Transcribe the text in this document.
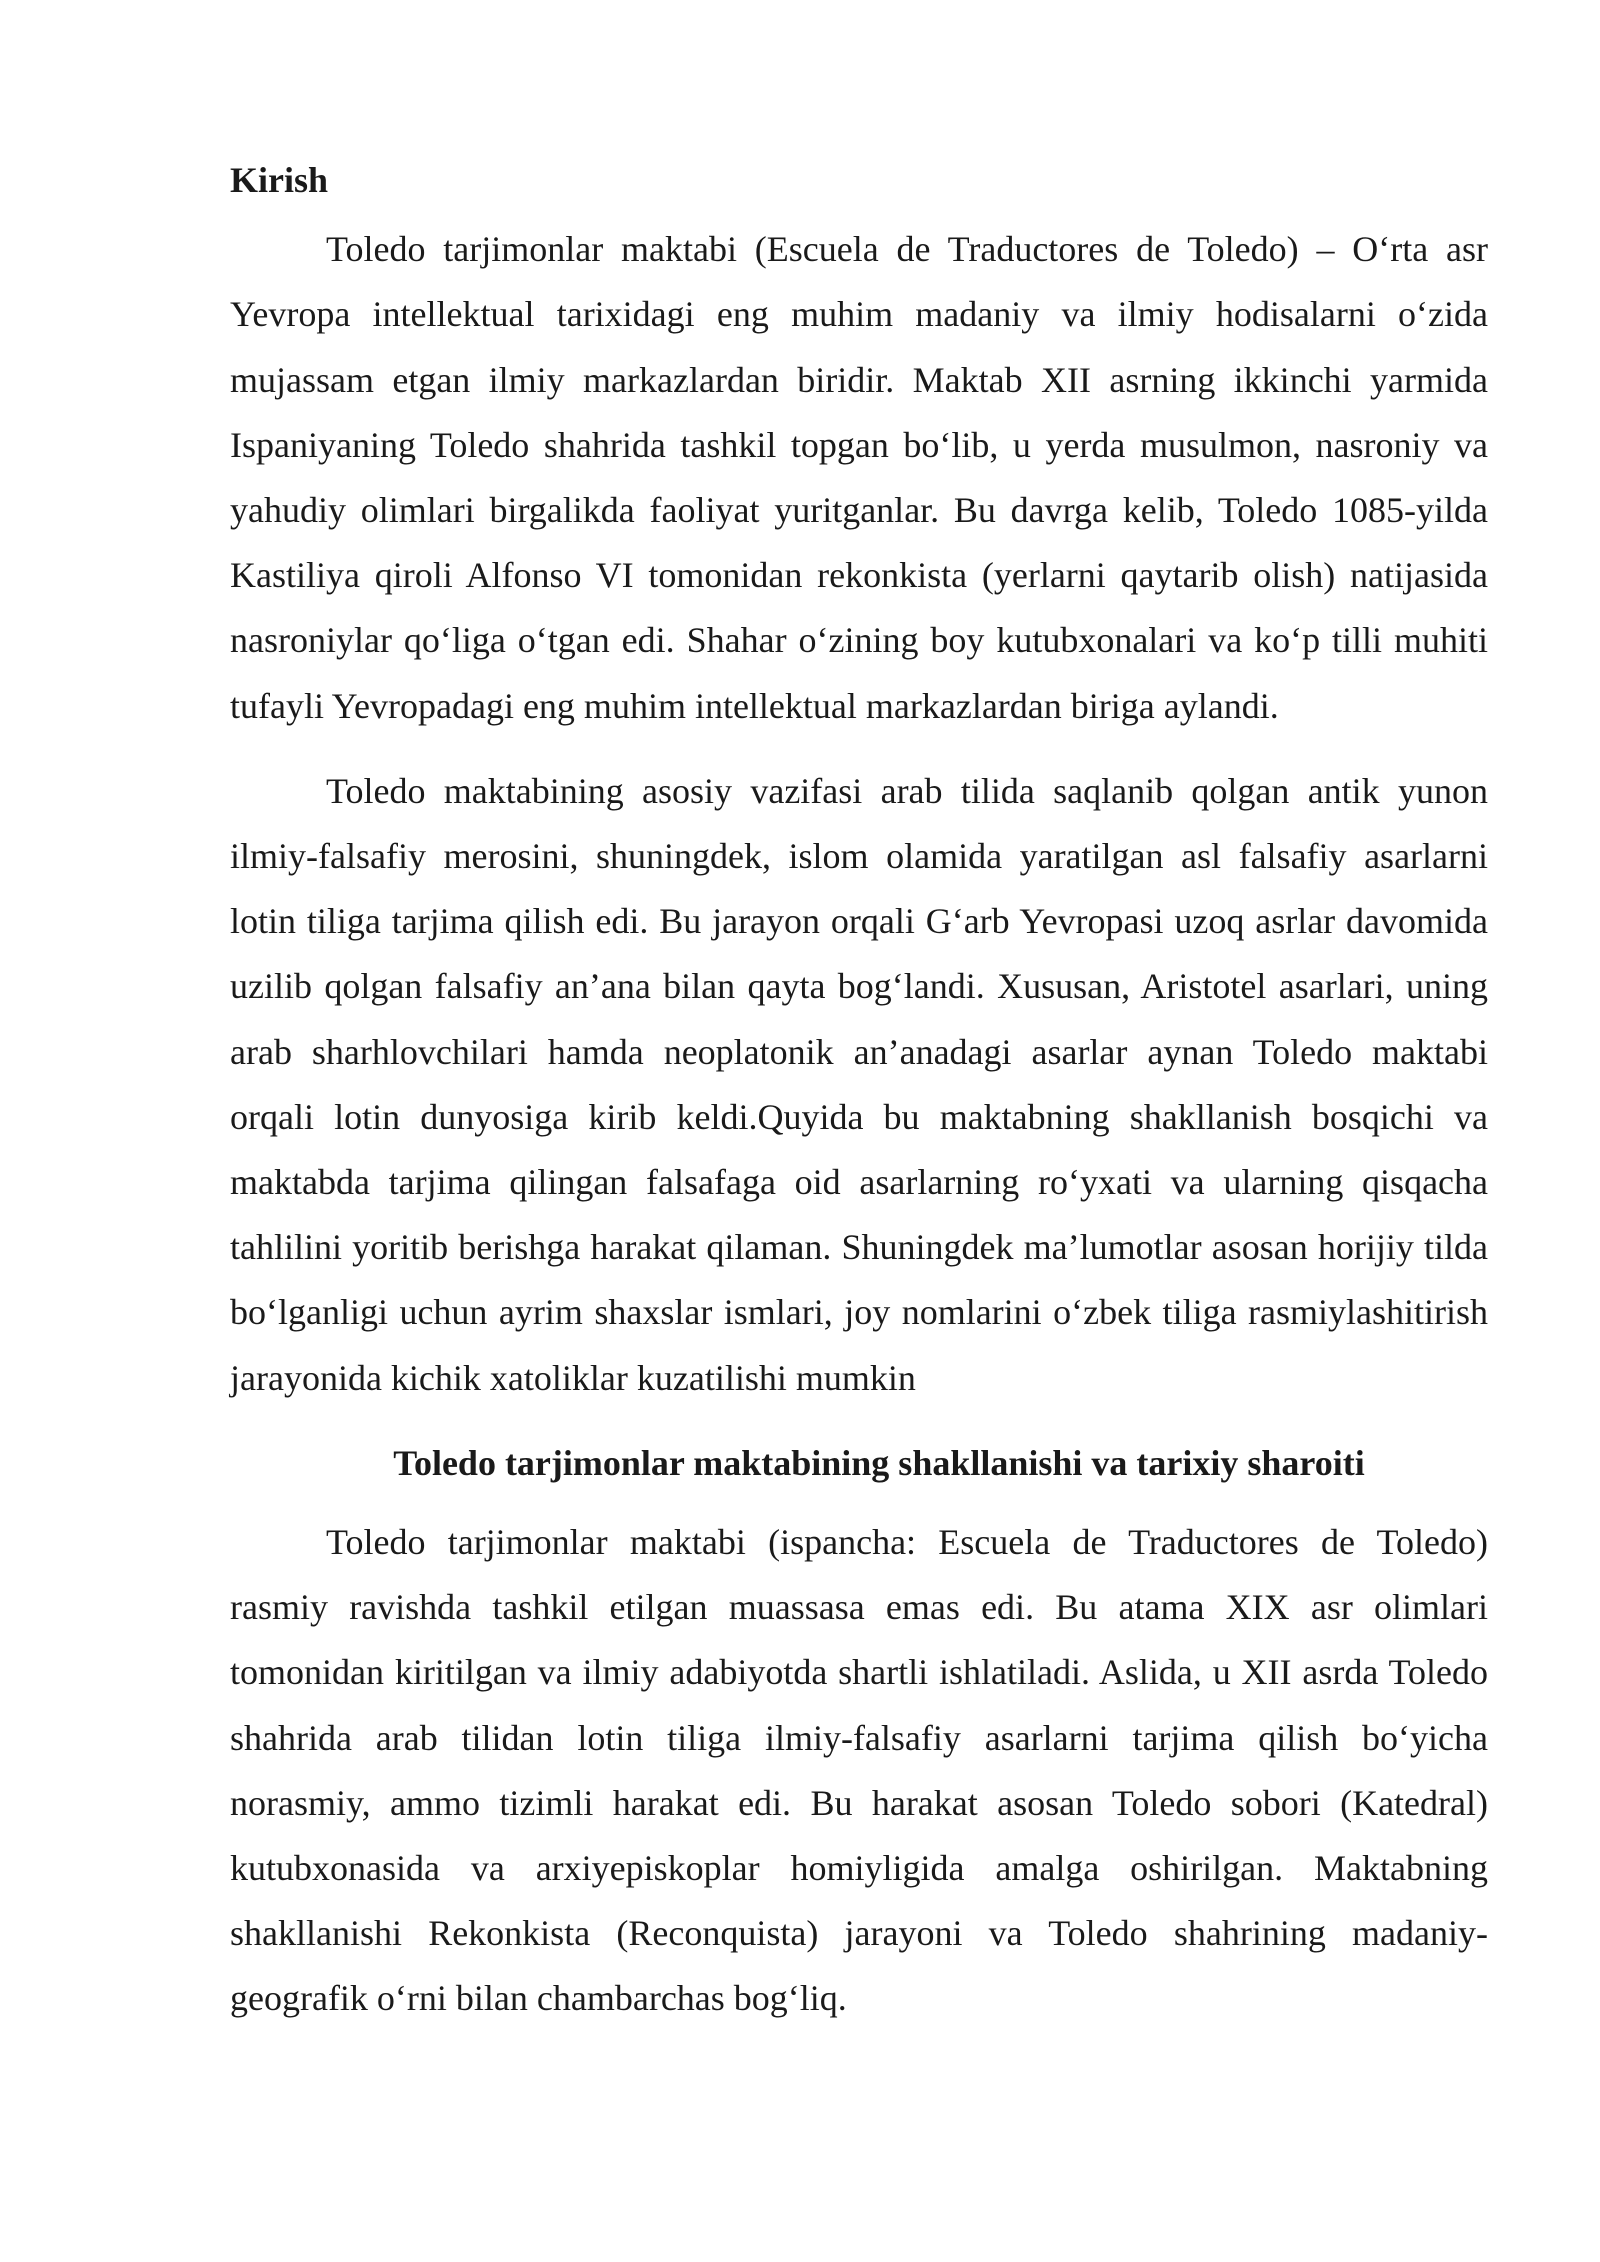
Kirish

Toledo tarjimonlar maktabi (Escuela de Traductores de Toledo) – O‘rta asr Yevropa intellektual tarixidagi eng muhim madaniy va ilmiy hodisalarni o‘zida mujassam etgan ilmiy markazlardan biridir. Maktab XII asrning ikkinchi yarmida Ispaniyaning Toledo shahrida tashkil topgan bo‘lib, u yerda musulmon, nasroniy va yahudiy olimlari birgalikda faoliyat yuritganlar. Bu davrga kelib, Toledo 1085-yilda Kastiliya qiroli Alfonso VI tomonidan rekonkista (yerlarni qaytarib olish) natijasida nasroniylar qo‘liga o‘tgan edi. Shahar o‘zining boy kutubxonalari va ko‘p tilli muhiti tufayli Yevropadagi eng muhim intellektual markazlardan biriga aylandi.

Toledo maktabining asosiy vazifasi arab tilida saqlanib qolgan antik yunon ilmiy-falsafiy merosini, shuningdek, islom olamida yaratilgan asl falsafiy asarlarni lotin tiliga tarjima qilish edi. Bu jarayon orqali G‘arb Yevropasi uzoq asrlar davomida uzilib qolgan falsafiy an’ana bilan qayta bog‘landi. Xususan, Aristotel asarlari, uning arab sharhlovchilari hamda neoplatonik an’anadagi asarlar aynan Toledo maktabi orqali lotin dunyosiga kirib keldi.Quyida bu maktabning shakllanish bosqichi va maktabda tarjima qilingan falsafaga oid asarlarning ro‘yxati va ularning qisqacha tahlilini yoritib berishga harakat qilaman. Shuningdek ma’lumotlar asosan horijiy tilda bo‘lganligi uchun ayrim shaxslar ismlari, joy nomlarini o‘zbek tiliga rasmiylashitirish jarayonida kichik xatoliklar kuzatilishi mumkin

Toledo tarjimonlar maktabining shakllanishi va tarixiy sharoiti

Toledo tarjimonlar maktabi (ispancha: Escuela de Traductores de Toledo) rasmiy ravishda tashkil etilgan muassasa emas edi. Bu atama XIX asr olimlari tomonidan kiritilgan va ilmiy adabiyotda shartli ishlatiladi. Aslida, u XII asrda Toledo shahrida arab tilidan lotin tiliga ilmiy-falsafiy asarlarni tarjima qilish bo‘yicha norasmiy, ammo tizimli harakat edi. Bu harakat asosan Toledo sobori (Katedral) kutubxonasida va arxiyepiskoplar homiyligida amalga oshirilgan. Maktabning shakllanishi Rekonkista (Reconquista) jarayoni va Toledo shahrining madaniy-geografik o‘rni bilan chambarchas bog‘liq.
